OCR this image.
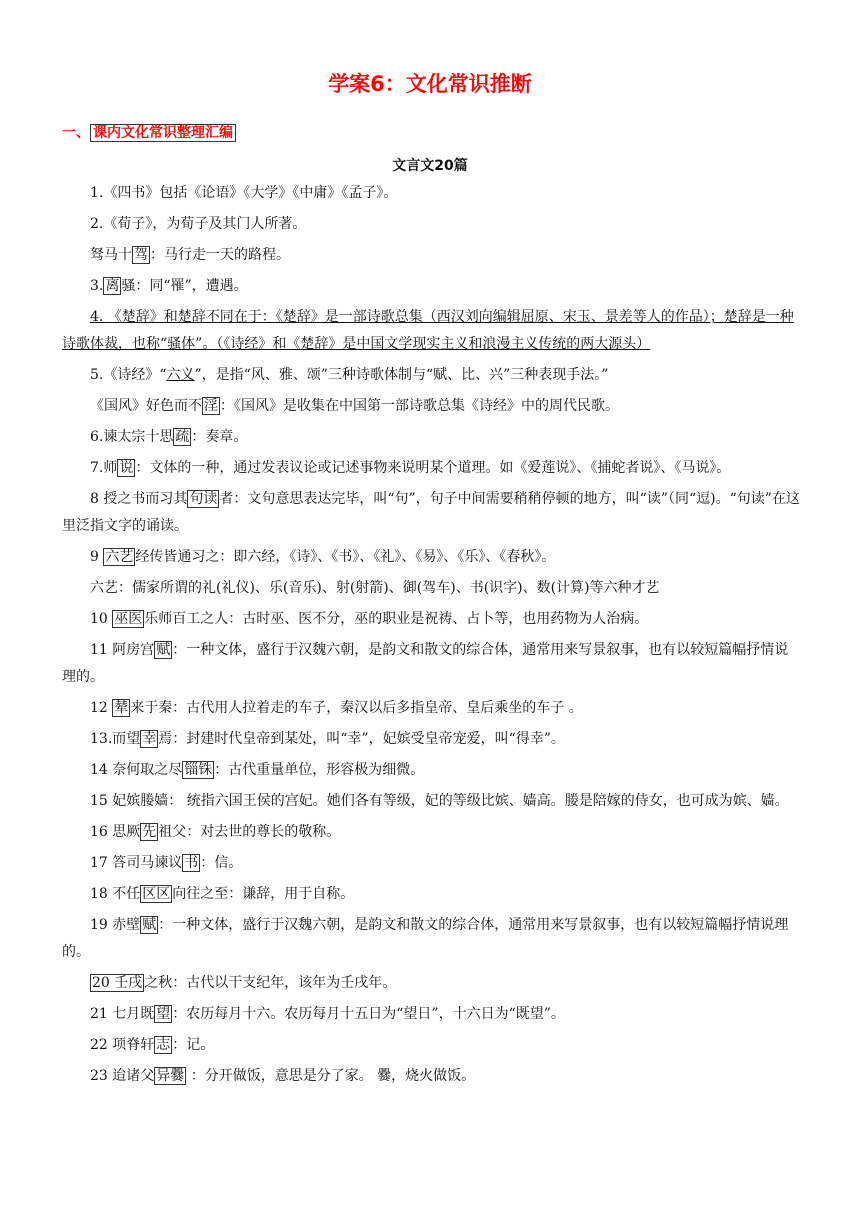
学案6：文化常识推断
一、 课内文化常识整理汇编
文言文20篇

1.《四书》包括《论语》《大学》《中庸》《孟子》。

2.《荀子》，为荀子及其门人所著。

驽马十 驾 ：马行走一天的路程。

3. 离 骚：同“罹”，遭遇。

4. 《楚辞》和楚辞不同在于：《楚辞》是一部诗歌总集（西汉刘向编辑屈原、宋玉、景差等人的作品）；楚辞是一种诗歌体裁，也称“骚体”。（《诗经》和《楚辞》是中国文学现实主义和浪漫主义传统的两大源头）

5.《诗经》“六义”，是指“风、雅、颂”三种诗歌体制与“赋、比、兴”三种表现手法。”

《国风》好色而不 淫 ：《国风》是收集在中国第一部诗歌总集《诗经》中的周代民歌。

6.谏太宗十思 疏 ：奏章。

7.师 说 ：文体的一种，通过发表议论或记述事物来说明某个道理。如《爱莲说》、《捕蛇者说》、《马说》。

8 授之书而习其 句读 者：文句意思表达完毕，叫“句”，句子中间需要稍稍停顿的地方，叫“读”（同“逗)。“句读”在这里泛指文字的诵读。

9 六艺 经传皆通习之：即六经，《诗》、《书》、《礼》、《易》、《乐》、《春秋》。

六艺：儒家所谓的礼(礼仪)、乐(音乐)、射(射箭)、御(驾车)、书(识字)、数(计算)等六种才艺

10 巫医 乐师百工之人：古时巫、医不分，巫的职业是祝祷、占卜等，也用药物为人治病。

11 阿房宫 赋 ：一种文体，盛行于汉魏六朝，是韵文和散文的综合体，通常用来写景叙事，也有以较短篇幅抒情说理的。

12 辇 来于秦：古代用人拉着走的车子，秦汉以后多指皇帝、皇后乘坐的车子 。

13.而望 幸 焉：封建时代皇帝到某处，叫“幸”，妃嫔受皇帝宠爱，叫“得幸”。

14 奈何取之尽 锱铢 ：古代重量单位，形容极为细微。

15 妃嫔媵嫱： 统指六国王侯的宫妃。她们各有等级，妃的等级比嫔、嫱高。媵是陪嫁的侍女，也可成为嫔、嫱。

16 思厥 先 祖父：对去世的尊长的敬称。

17 答司马谏议 书 ：信。

18 不任 区区 向往之至：谦辞，用于自称。

19 赤壁 赋 ：一种文体，盛行于汉魏六朝，是韵文和散文的综合体，通常用来写景叙事，也有以较短篇幅抒情说理的。

20 壬戌 之秋：古代以干支纪年，该年为壬戌年。

21 七月既 望 ：农历每月十六。农历每月十五日为“望日”，十六日为“既望”。

22 项脊轩 志 ：记。

23 迨诸父 异爨 ：分开做饭，意思是分了家。 爨，烧火做饭。
